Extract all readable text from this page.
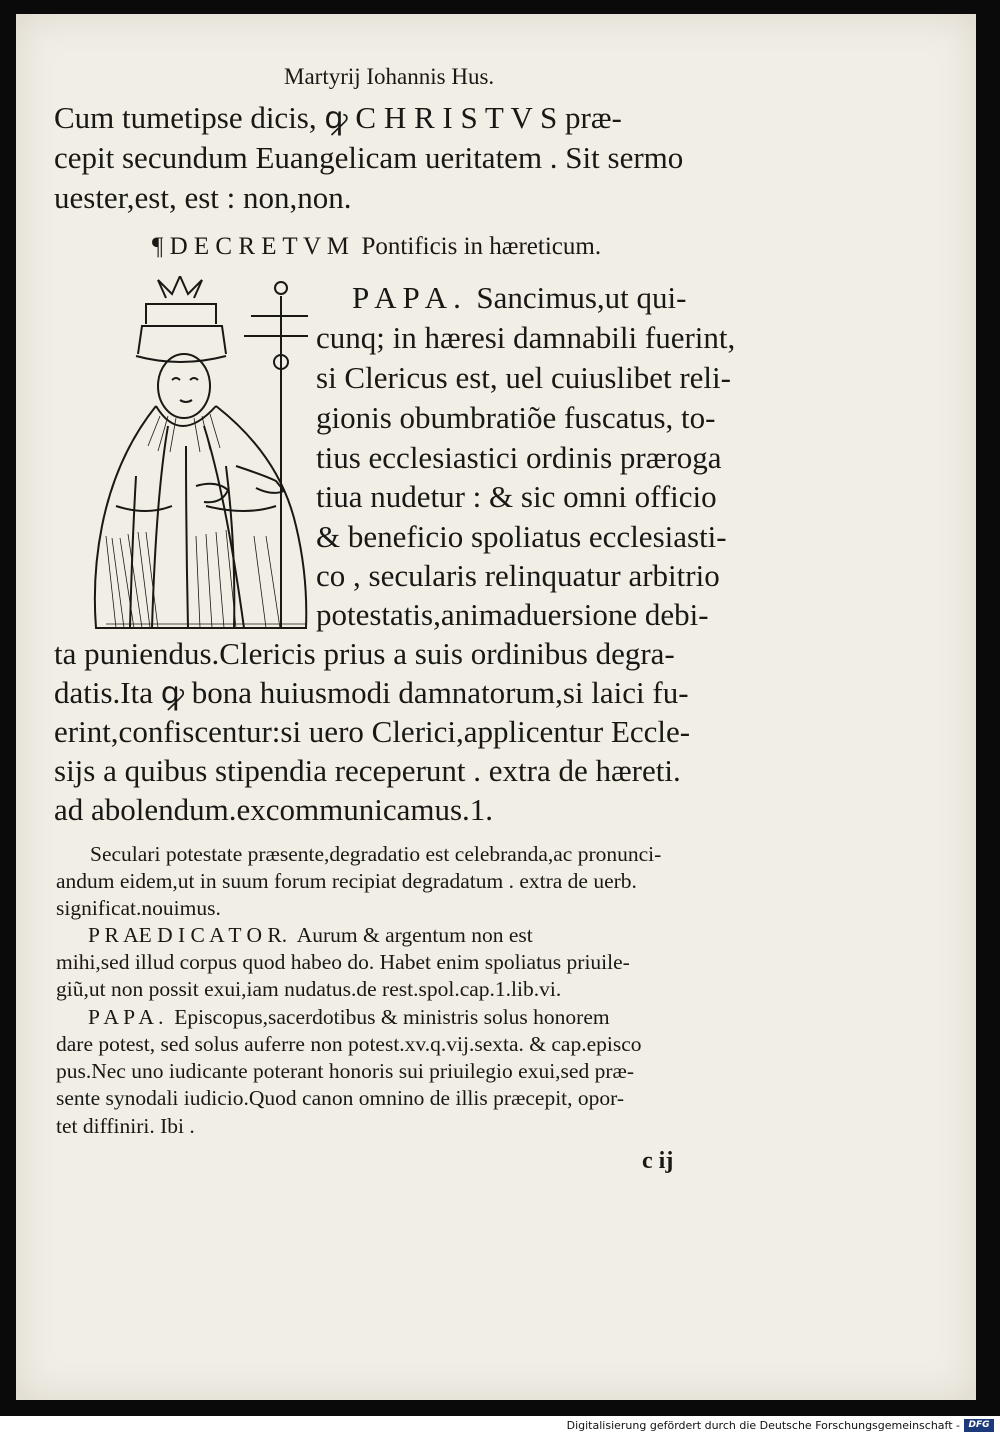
Martyrij Iohannis Hus.
Cum tumetipse dicis, ꝙ C H R I S T V S præ-
cepit secundum Euangelicam ueritatem . Sit sermo
uester,est, est : non,non.
¶ D E C R E T V M  Pontificis in hæreticum.
P A P A .  Sancimus,ut qui-
cunq; in hæresi damnabili fuerint,
si Clericus est, uel cuiuslibet reli-
gionis obumbratiõe fuscatus, to-
tius ecclesiastici ordinis præroga
tiua nudetur : & sic omni officio
& beneficio spoliatus ecclesiasti-
co , secularis relinquatur arbitrio
potestatis,animaduersione debi-
ta puniendus.Clericis prius a suis ordinibus degra-
datis.Ita ꝙ bona huiusmodi damnatorum,si laici fu-
erint,confiscentur:si uero Clerici,applicentur Eccle-
sijs a quibus stipendia receperunt . extra de hæreti.
ad abolendum.excommunicamus.1.
Seculari potestate præsente,degradatio est celebranda,ac pronunci-
andum eidem,ut in suum forum recipiat degradatum . extra de uerb.
significat.nouimus.
P R AE D I C A T O R.  Aurum & argentum non est
mihi,sed illud corpus quod habeo do. Habet enim spoliatus priuile-
giũ,ut non possit exui,iam nudatus.de rest.spol.cap.1.lib.vi.
P A P A .  Episcopus,sacerdotibus & ministris solus honorem
dare potest, sed solus auferre non potest.xv.q.vij.sexta. & cap.episco
pus.Nec uno iudicante poterant honoris sui priuilegio exui,sed præ-
sente synodali iudicio.Quod canon omnino de illis præcepit, opor-
tet diffiniri. Ibi .
c ij
Digitalisierung gefördert durch die Deutsche Forschungsgemeinschaft - DFG
